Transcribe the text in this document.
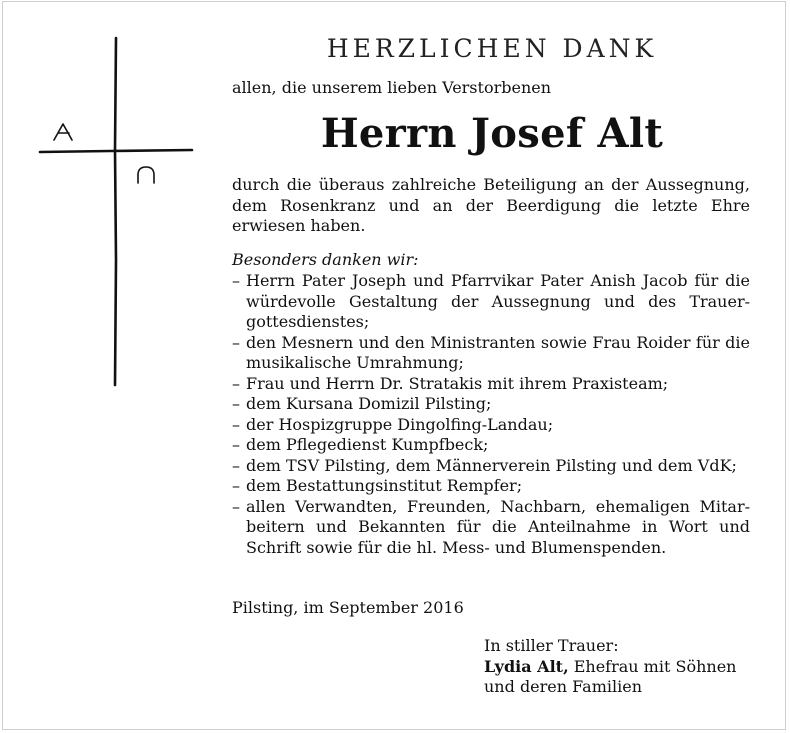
HERZLICHEN DANK
allen, die unserem lieben Verstorbenen
Herrn Josef Alt
durch die überaus zahlreiche Beteiligung an der Aussegnung, dem Rosenkranz und an der Beerdigung die letzte Ehre erwiesen haben.
Besonders danken wir:
– Herrn Pater Joseph und Pfarrvikar Pater Anish Jacob für die würdevolle Gestaltung der Aussegnung und des Trauergottesdienstes;
– den Mesnern und den Ministranten sowie Frau Roider für die musikalische Umrahmung;
– Frau und Herrn Dr. Stratakis mit ihrem Praxisteam;
– dem Kursana Domizil Pilsting;
– der Hospizgruppe Dingolfing-Landau;
– dem Pflegedienst Kumpfbeck;
– dem TSV Pilsting, dem Männerverein Pilsting und dem VdK;
– dem Bestattungsinstitut Rempfer;
– allen Verwandten, Freunden, Nachbarn, ehemaligen Mitarbeitern und Bekannten für die Anteilnahme in Wort und Schrift sowie für die hl. Mess- und Blumenspenden.
Pilsting, im September 2016
In stiller Trauer:
Lydia Alt, Ehefrau mit Söhnen
und deren Familien
